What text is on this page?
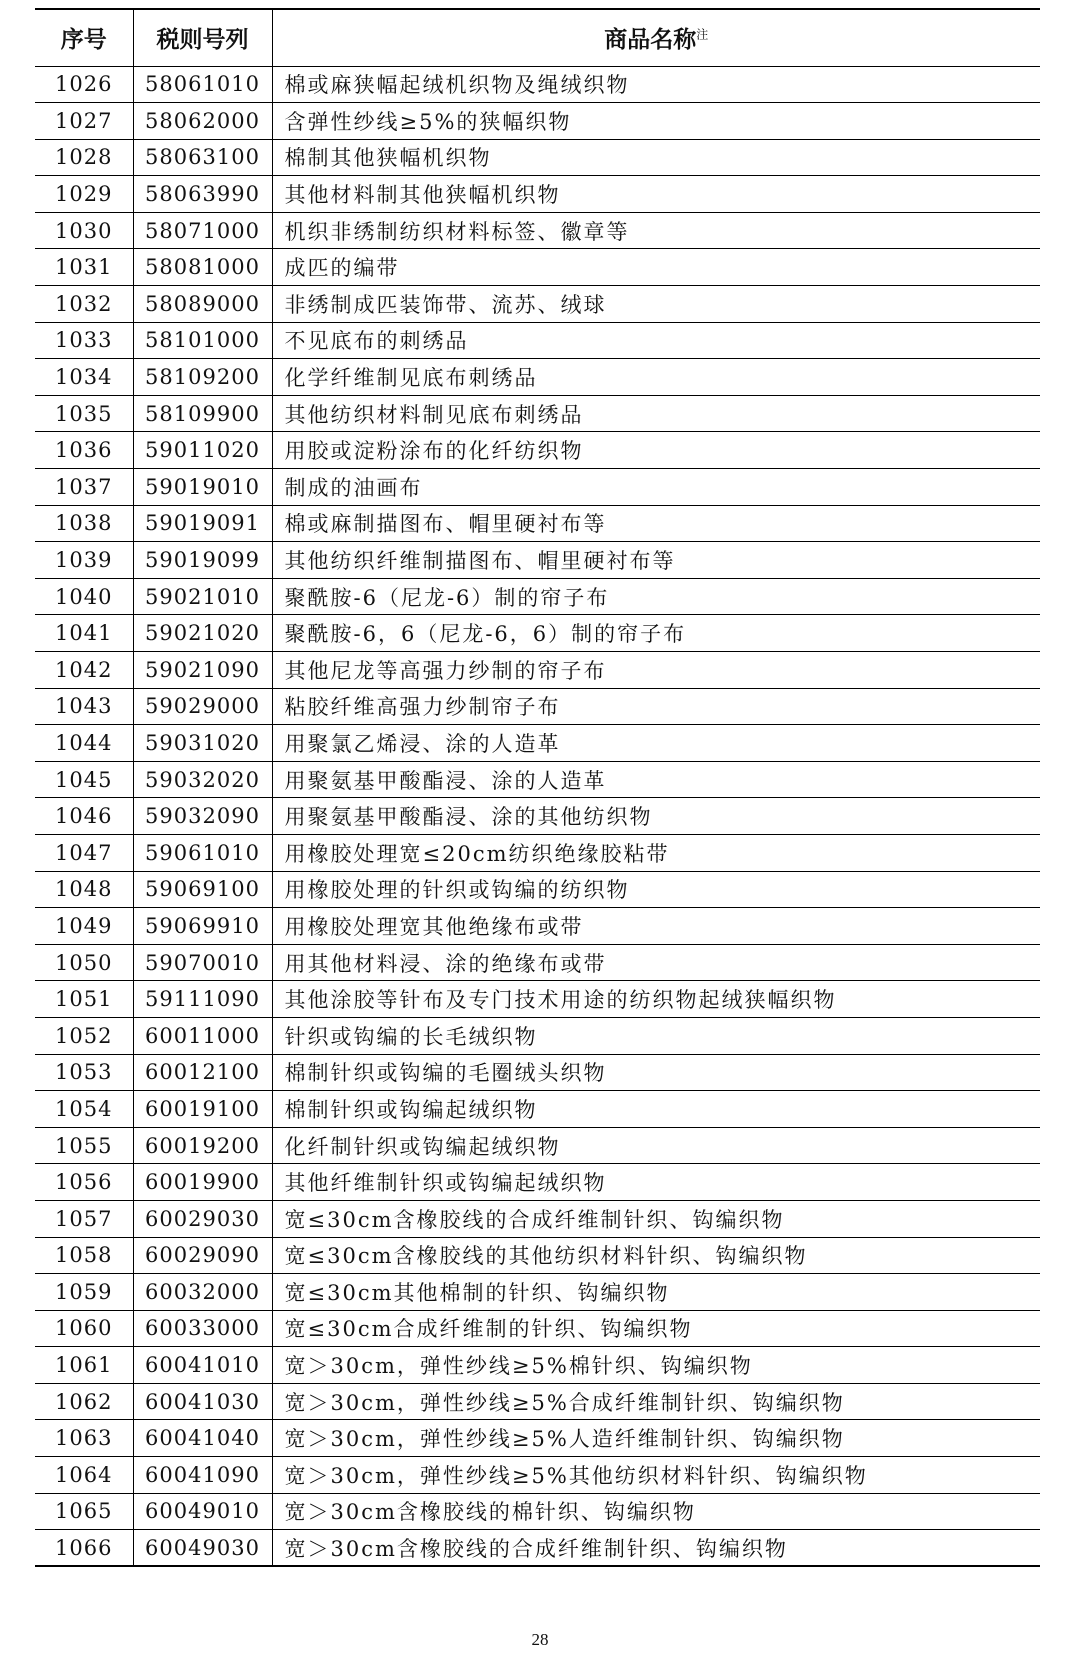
序号	税则号列	商品名称$^注$
1026	58061010	棉或麻狭幅起绒机织物及绳绒织物
1027	58062000	含弹性纱线≥5%的狭幅织物
1028	58063100	棉制其他狭幅机织物
1029	58063990	其他材料制其他狭幅机织物
1030	58071000	机织非绣制纺织材料标签、徽章等
1031	58081000	成匹的编带
1032	58089000	非绣制成匹装饰带、流苏、绒球
1033	58101000	不见底布的刺绣品
1034	58109200	化学纤维制见底布刺绣品
1035	58109900	其他纺织材料制见底布刺绣品
1036	59011020	用胶或淀粉涂布的化纤纺织物
1037	59019010	制成的油画布
1038	59019091	棉或麻制描图布、帽里硬衬布等
1039	59019099	其他纺织纤维制描图布、帽里硬衬布等
1040	59021010	聚酰胺-6（尼龙-6）制的帘子布
1041	59021020	聚酰胺-6，6（尼龙-6，6）制的帘子布
1042	59021090	其他尼龙等高强力纱制的帘子布
1043	59029000	粘胶纤维高强力纱制帘子布
1044	59031020	用聚氯乙烯浸、涂的人造革
1045	59032020	用聚氨基甲酸酯浸、涂的人造革
1046	59032090	用聚氨基甲酸酯浸、涂的其他纺织物
1047	59061010	用橡胶处理宽≤20cm纺织绝缘胶粘带
1048	59069100	用橡胶处理的针织或钩编的纺织物
1049	59069910	用橡胶处理宽其他绝缘布或带
1050	59070010	用其他材料浸、涂的绝缘布或带
1051	59111090	其他涂胶等针布及专门技术用途的纺织物起绒狭幅织物
1052	60011000	针织或钩编的长毛绒织物
1053	60012100	棉制针织或钩编的毛圈绒头织物
1054	60019100	棉制针织或钩编起绒织物
1055	60019200	化纤制针织或钩编起绒织物
1056	60019900	其他纤维制针织或钩编起绒织物
1057	60029030	宽≤30cm含橡胶线的合成纤维制针织、钩编织物
1058	60029090	宽≤30cm含橡胶线的其他纺织材料针织、钩编织物
1059	60032000	宽≤30cm其他棉制的针织、钩编织物
1060	60033000	宽≤30cm合成纤维制的针织、钩编织物
1061	60041010	宽＞30cm，弹性纱线≥5%棉针织、钩编织物
1062	60041030	宽＞30cm，弹性纱线≥5%合成纤维制针织、钩编织物
1063	60041040	宽＞30cm，弹性纱线≥5%人造纤维制针织、钩编织物
1064	60041090	宽＞30cm，弹性纱线≥5%其他纺织材料针织、钩编织物
1065	60049010	宽＞30cm含橡胶线的棉针织、钩编织物
1066	60049030	宽＞30cm含橡胶线的合成纤维制针织、钩编织物
28
